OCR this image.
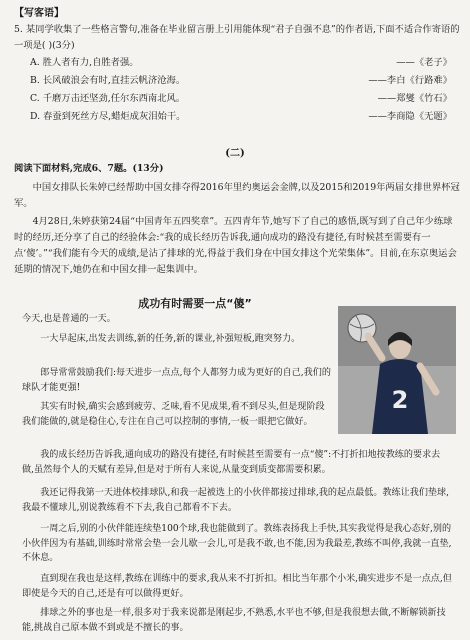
【写客语】
5. 某同学收集了一些格言警句,准备在毕业留言册上引用能体现“君子自强不息”的作者语,下面不适合作寄语的一项是( )(3分)
A. 胜人者有力,自胜者强。	——《老子》
B. 长风破浪会有时,直挂云帆济沧海。	——李白《行路难》
C. 千磨万击还坚劲,任尔东西南北风。	——郑燮《竹石》
D. 春蚕到死丝方尽,蜡炬成灰泪始干。	——李商隐《无题》
(二)
阅读下面材料,完成6、7题。(13分)
中国女排队长朱婷已经帮助中国女排夺得2016年里约奥运会金牌,以及2015和2019年两届女排世界杯冠军。
4月28日,朱婷获第24届“中国青年五四奖章”。五四青年节,她写下了自己的感悟,既写到了自己年少练球时的经历,还分享了自己的经验体会:“我的成长经历告诉我,通向成功的路没有捷径,有时候甚至需要有一点‘傻’。”“我们能有今天的成绩,是沾了排球的光,得益于我们身在中国女排这个光荣集体”。目前,在东京奥运会延期的情况下,她仍在和中国女排一起集训中。
成功有时需要一点“傻”
2
今天,也是普通的一天。
一大早起床,出发去训练,新的任务,新的课业,补强短板,跑突努力。
郎导常常鼓励我们:每天进步一点点,每个人都努力成为更好的自己,我们的球队才能更强!
其实有时候,确实会感到疲劳、乏味,看不见成果,看不到尽头,但是现阶段我们能做的,就是稳住心,专注在自己可以控制的事情,一板一眼把它做好。
我的成长经历告诉我,通向成功的路没有捷径,有时候甚至需要有一点“傻”:不打折扣地按教练的要求去做,虽然每个人的天赋有差异,但是对于所有人来说,从量变到质变都需要积累。
我还记得我第一天进体校排球队,和我一起被选上的小伙伴都接过排球,我的起点最低。教练让我们垫球,我最不懂球儿,别说教练看不下去,我自己都看不下去。
一周之后,别的小伙伴能连续垫100个球,我也能做到了。教练表扬我上手快,其实我觉得是我心态好,别的小伙伴因为有基础,训练时常常会垫一会儿歇一会儿,可是我不敢,也不能,因为我最差,教练不叫停,我就一直垫,不休息。
直到现在我也是这样,教练在训练中的要求,我从来不打折扣。相比当年那个小米,确实进步不是一点点,但即使是今天的自己,还是有可以做得更好。
排球之外的事也是一样,很多对于我来说都是刚起步,不熟悉,水平也不够,但是我很想去做,不断解锁新技能,挑战自己原本做不到或是不擅长的事。
